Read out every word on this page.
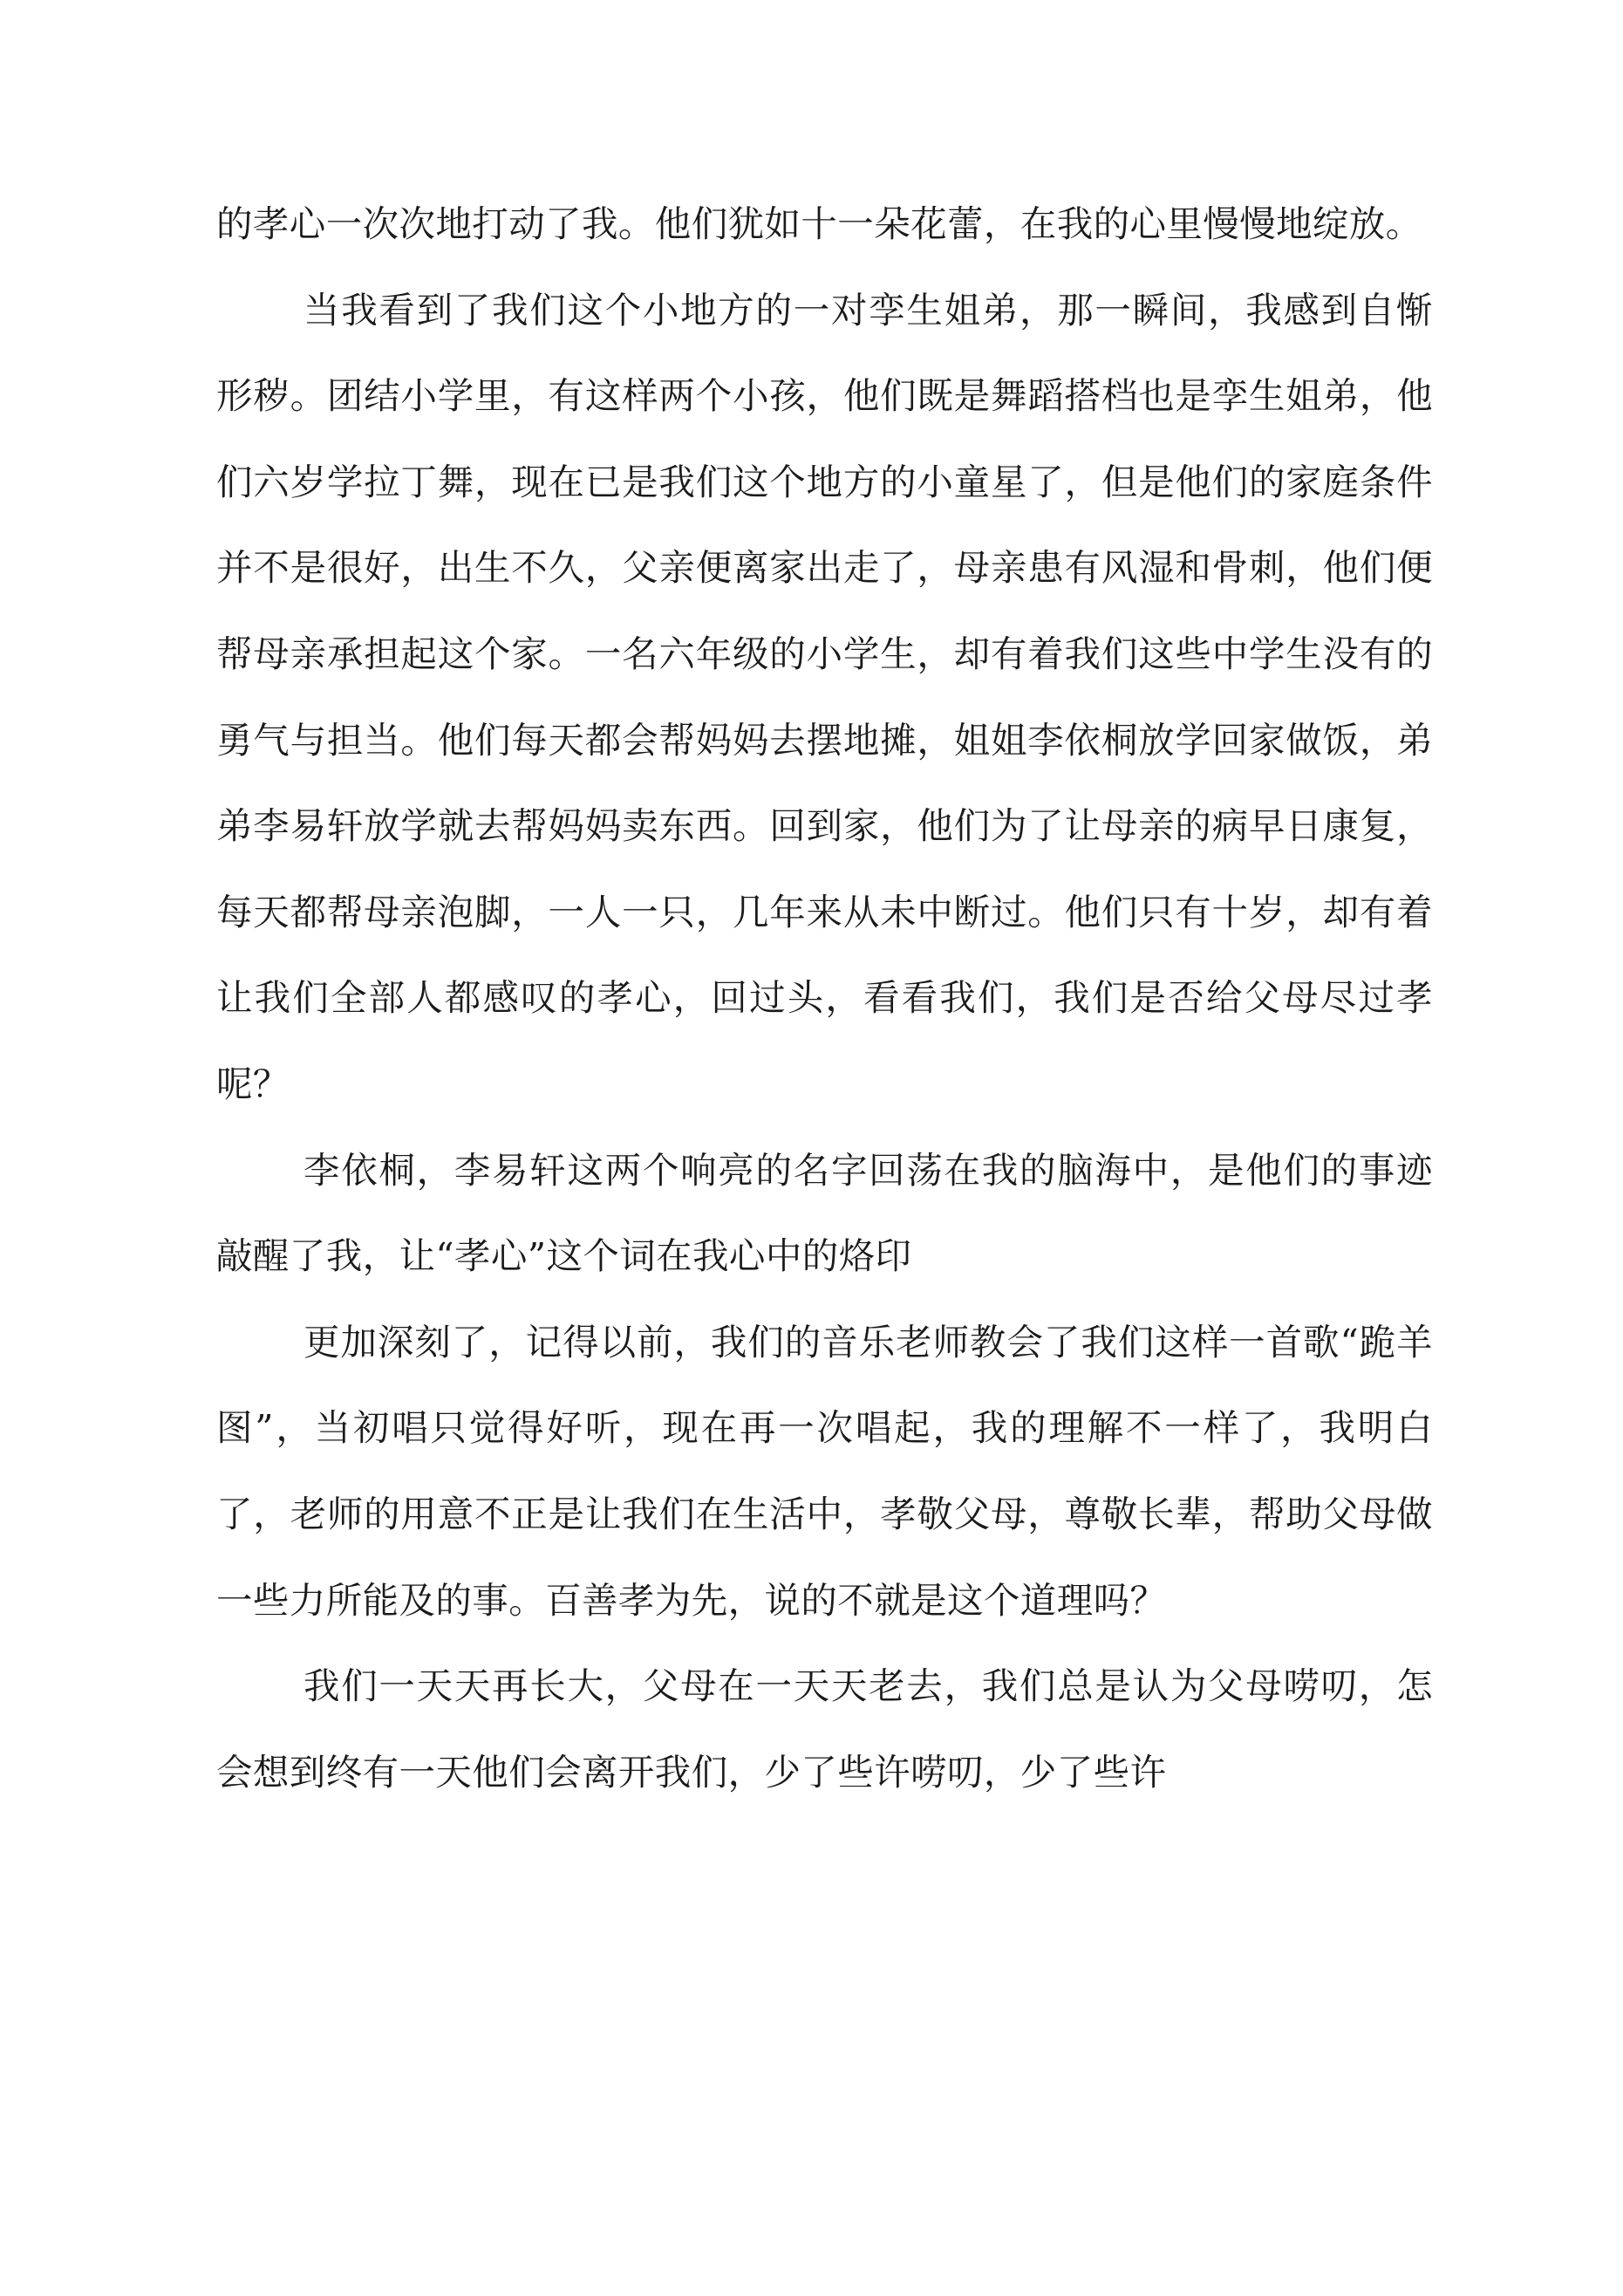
的孝心一次次地打动了我。他们犹如十一朵花蕾，在我的心里慢慢地绽放。

当我看到了我们这个小地方的一对孪生姐弟，那一瞬间，我感到自惭形秽。团结小学里，有这样两个小孩，他们既是舞蹈搭档也是孪生姐弟，他们六岁学拉丁舞，现在已是我们这个地方的小童星了，但是他们的家庭条件并不是很好，出生不久，父亲便离家出走了，母亲患有风湿和骨刺，他们便帮母亲承担起这个家。一名六年级的小学生，却有着我们这些中学生没有的勇气与担当。他们每天都会帮妈妈去摆地摊，姐姐李依桐放学回家做饭，弟弟李易轩放学就去帮妈妈卖东西。回到家，他们为了让母亲的病早日康复，每天都帮母亲泡脚，一人一只，几年来从未中断过。他们只有十岁，却有着让我们全部人都感叹的孝心，回过头，看看我们，我们是否给父母尽过孝呢？

李依桐，李易轩这两个响亮的名字回荡在我的脑海中，是他们的事迹敲醒了我，让“孝心”这个词在我心中的烙印

更加深刻了，记得以前，我们的音乐老师教会了我们这样一首歌“跪羊图”，当初唱只觉得好听，现在再一次唱起，我的理解不一样了，我明白了，老师的用意不正是让我们在生活中，孝敬父母，尊敬长辈，帮助父母做一些力所能及的事。百善孝为先，说的不就是这个道理吗？

我们一天天再长大，父母在一天天老去，我们总是认为父母唠叨，怎会想到终有一天他们会离开我们，少了些许唠叨，少了些许
